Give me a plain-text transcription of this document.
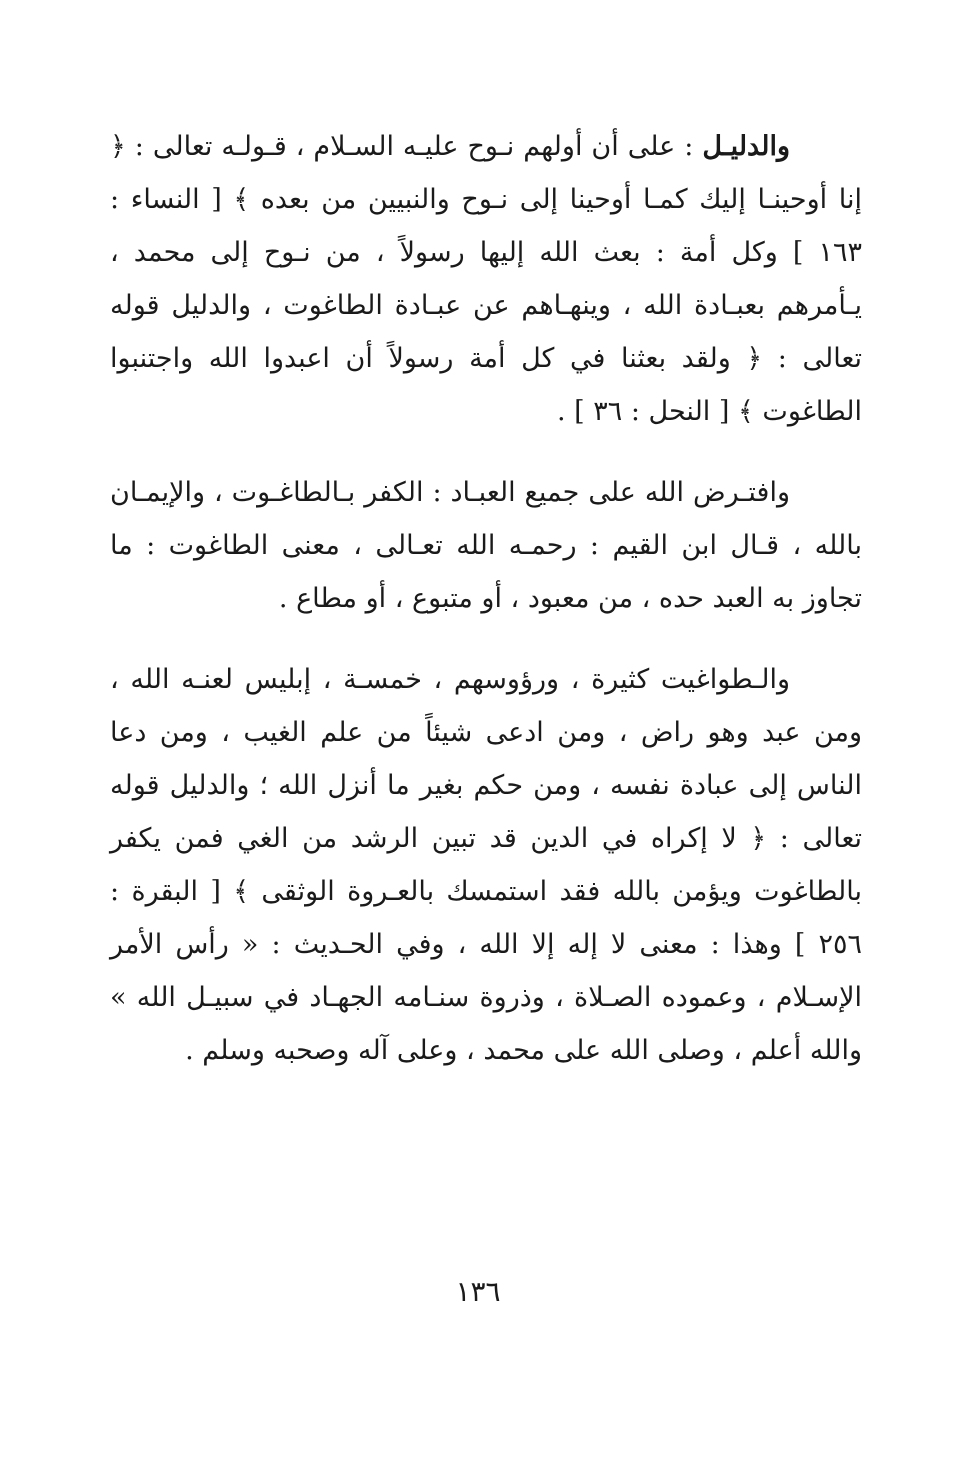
والدليـل : على أن أولهم نـوح عليـه السـلام ، قـولـه تعالى : ﴿ إنا أوحينـا إليك كمـا أوحينا إلى نـوح والنبيين من بعده ﴾ [ النساء : ١٦٣ ] وكل أمة : بعث الله إليها رسولاً ، من نـوح إلى محمد ، يـأمرهم بعبـادة الله ، وينهـاهم عن عبـادة الطاغوت ، والدليل قوله تعالى : ﴿ ولقد بعثنا في كل أمة رسولاً أن اعبدوا الله واجتنبوا الطاغوت ﴾ [ النحل : ٣٦ ] .

وافتـرض الله على جميع العبـاد : الكفر بـالطاغـوت ، والإيمـان بالله ، قـال ابن القيم : رحمـه الله تعـالى ، معنى الطاغوت : ما تجاوز به العبد حده ، من معبود ، أو متبوع ، أو مطاع .

والـطواغيت كثيرة ، ورؤوسهم ، خمسـة ، إبليس لعنـه الله ، ومن عبد وهو راض ، ومن ادعى شيئاً من علم الغيب ، ومن دعا الناس إلى عبادة نفسه ، ومن حكم بغير ما أنزل الله ؛ والدليل قوله تعالى : ﴿ لا إكراه في الدين قد تبين الرشد من الغي فمن يكفر بالطاغوت ويؤمن بالله فقد استمسك بالعـروة الوثقى ﴾ [ البقرة : ٢٥٦ ] وهذا : معنى لا إله إلا الله ، وفي الحـديث : « رأس الأمر الإسـلام ، وعموده الصـلاة ، وذروة سنـامه الجهـاد في سبيـل الله » والله أعلم ، وصلى الله على محمد ، وعلى آله وصحبه وسلم .

١٣٦
